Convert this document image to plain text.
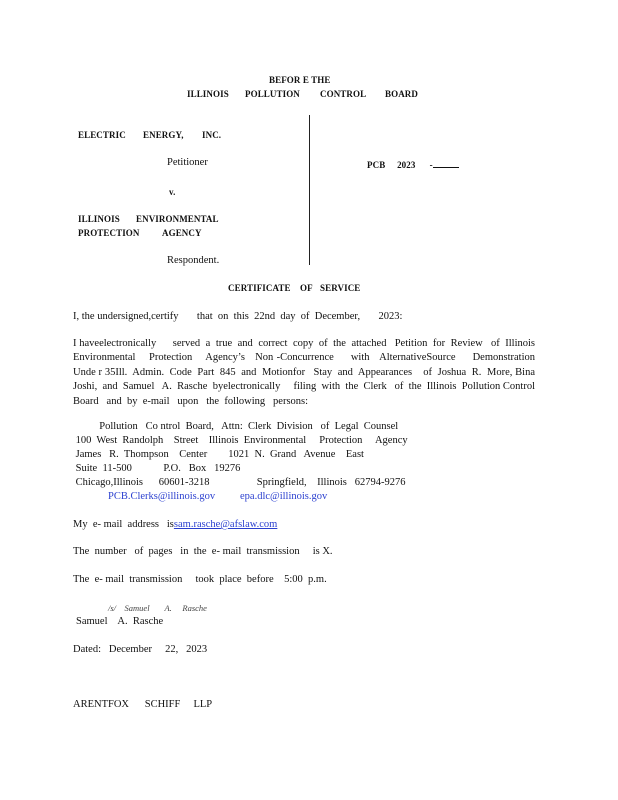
BEFOR E THE
ILLINOIS POLLUTION CONTROL BOARD
ELECTRIC ENERGY, INC.
Petitioner	PCB 2023 -
v.
ILLINOIS ENVIRONMENTAL
PROTECTION AGENCY
Respondent.
CERTIFICATE OF SERVICE
I, the undersigned,certify       that  on  this  22nd  day  of  December,       2023:
I haveelectronically      served  a  true  and  correct  copy  of  the  attached   Petition  for  Review   of  Illinois Environmental    Protection    Agency’s   Non -Concurrence     with   AlternativeSource     Demonstration Unde r 35Ill.  Admin.  Code  Part  845  and  Motionfor   Stay  and  Appearances    of  Joshua  R.  More, Bina  Joshi,  and  Samuel   A.  Rasche  byelectronically     filing  with  the  Clerk   of  the  Illinois  Pollution Control  Board   and  by  e-mail   upon   the  following   persons:
Pollution   Co ntrol  Board,   Attn:  Clerk  Division   of  Legal  Counsel
100  West  Randolph    Street    Illinois  Environmental     Protection     Agency
James   R.  Thompson    Center        1021  N.  Grand   Avenue    East
Suite  11-500            P.O.   Box   19276
Chicago,Illinois      60601-3218                  Springfield,    Illinois   62794-9276
PCB.Clerks@illinois.gov epa.dlc@illinois.gov
My  e- mail  address   issam.rasche@afslaw.com
The  number   of  pages   in  the  e- mail  transmission     is X.
The  e- mail  transmission     took  place  before    5:00  p.m.
/s/ Samuel A. Rasche
Samuel    A.  Rasche
Dated:   December     22,   2023
ARENTFOX      SCHIFF     LLP
